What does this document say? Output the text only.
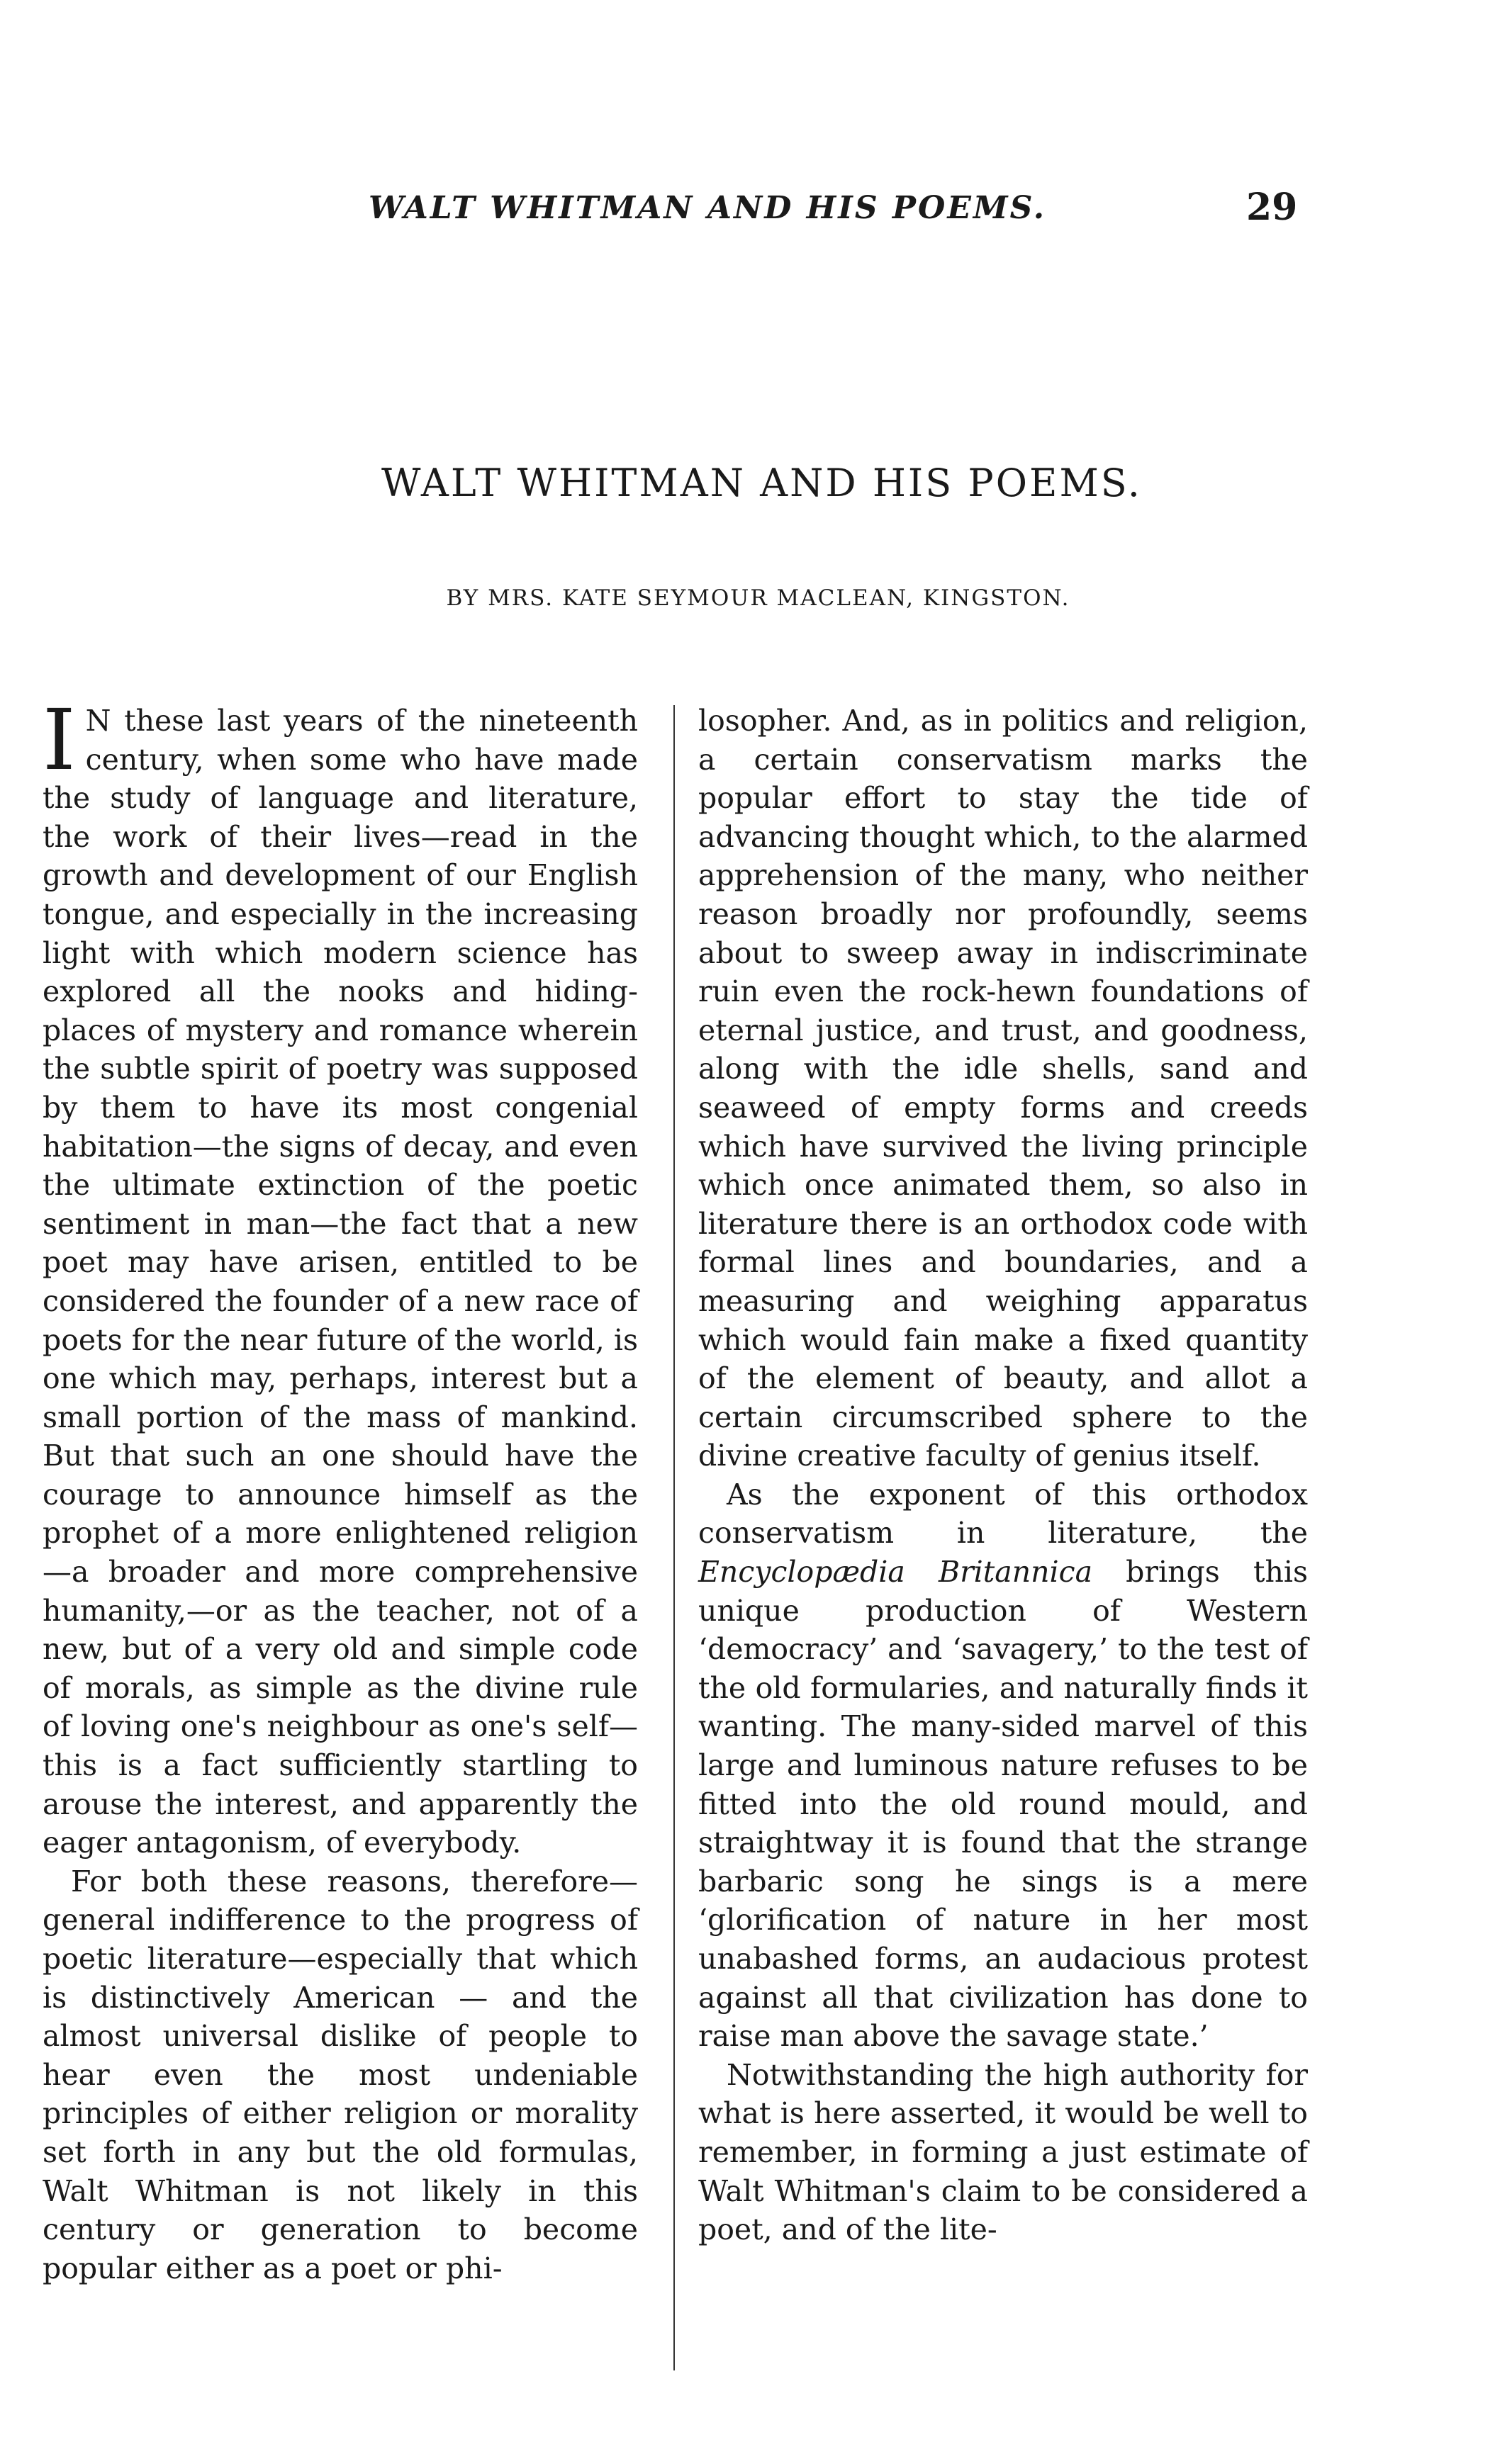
WALT WHITMAN AND HIS POEMS.	29
WALT WHITMAN AND HIS POEMS.
BY MRS. KATE SEYMOUR MACLEAN, KINGSTON.

I N these last years of the nineteenth century, when some who have made the study of language and literature, the work of their lives—read in the growth and development of our English tongue, and especially in the increasing light with which modern science has explored all the nooks and hiding-places of mystery and romance wherein the subtle spirit of poetry was supposed by them to have its most congenial habitation—the signs of decay, and even the ultimate extinction of the poetic sentiment in man—the fact that a new poet may have arisen, entitled to be considered the founder of a new race of poets for the near future of the world, is one which may, perhaps, interest but a small portion of the mass of mankind. But that such an one should have the courage to announce himself as the prophet of a more enlightened religion—a broader and more comprehensive humanity,—or as the teacher, not of a new, but of a very old and simple code of morals, as simple as the divine rule of loving one's neighbour as one's self—this is a fact sufficiently startling to arouse the interest, and apparently the eager antagonism, of everybody.

For both these reasons, therefore—general indifference to the progress of poetic literature—especially that which is distinctively American — and the almost universal dislike of people to hear even the most undeniable principles of either religion or morality set forth in any but the old formulas, Walt Whitman is not likely in this century or generation to become popular either as a poet or phi-

losopher. And, as in politics and religion, a certain conservatism marks the popular effort to stay the tide of advancing thought which, to the alarmed apprehension of the many, who neither reason broadly nor profoundly, seems about to sweep away in indiscriminate ruin even the rock-hewn foundations of eternal justice, and trust, and goodness, along with the idle shells, sand and seaweed of empty forms and creeds which have survived the living principle which once animated them, so also in literature there is an orthodox code with formal lines and boundaries, and a measuring and weighing apparatus which would fain make a fixed quantity of the element of beauty, and allot a certain circumscribed sphere to the divine creative faculty of genius itself.

As the exponent of this orthodox conservatism in literature, the Encyclopædia Britannica brings this unique production of Western ‘democracy’ and ‘savagery,’ to the test of the old formularies, and naturally finds it wanting. The many-sided marvel of this large and luminous nature refuses to be fitted into the old round mould, and straightway it is found that the strange barbaric song he sings is a mere ‘glorification of nature in her most unabashed forms, an audacious protest against all that civilization has done to raise man above the savage state.’

Notwithstanding the high authority for what is here asserted, it would be well to remember, in forming a just estimate of Walt Whitman's claim to be considered a poet, and of the lite-
